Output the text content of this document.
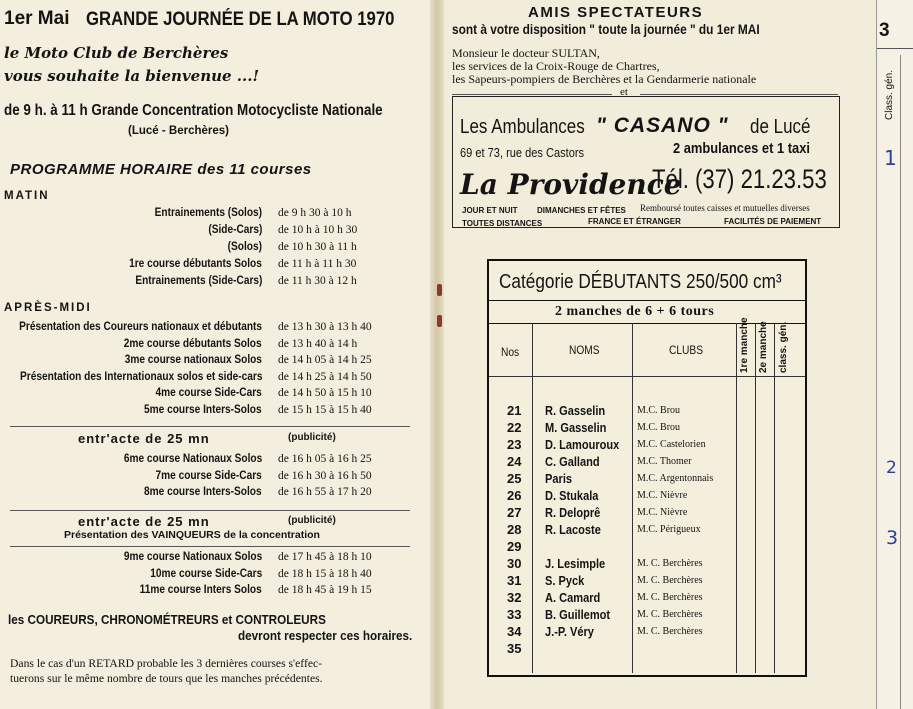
1er Mai GRANDE JOURNÉE DE LA MOTO 1970
le Moto Club de Berchères
vous souhaite la bienvenue ...!
de 9 h. à 11 h Grande Concentration Motocycliste Nationale
(Lucé - Berchères)
PROGRAMME HORAIRE des 11 courses
MATIN
Entrainements (Solos) de 9 h 30 à 10 h
(Side-Cars) de 10 h à 10 h 30
(Solos) de 10 h 30 à 11 h
1re course débutants Solos de 11 h à 11 h 30
Entrainements (Side-Cars) de 11 h 30 à 12 h
APRÈS-MIDI
Présentation des Coureurs nationaux et débutants de 13 h 30 à 13 h 40
2me course débutants Solos de 13 h 40 à 14 h
3me course nationaux Solos de 14 h 05 à 14 h 25
Présentation des Internationaux solos et side-cars de 14 h 25 à 14 h 50
4me course Side-Cars de 14 h 50 à 15 h 10
5me course Inters-Solos de 15 h 15 à 15 h 40
entr'acte de 25 mn	(publicité)
6me course Nationaux Solos de 16 h 05 à 16 h 25
7me course Side-Cars de 16 h 30 à 16 h 50
8me course Inters-Solos de 16 h 55 à 17 h 20
entr'acte de 25 mn	(publicité)
Présentation des VAINQUEURS de la concentration
9me course Nationaux Solos de 17 h 45 à 18 h 10
10me course Side-Cars de 18 h 15 à 18 h 40
11me course Inters Solos de 18 h 45 à 19 h 15
les COUREURS, CHRONOMÉTREURS et CONTROLEURS
devront respecter ces horaires.
Dans le cas d'un RETARD probable les 3 dernières courses s'effec-
tuerons sur le même nombre de tours que les manches précédentes.
AMIS SPECTATEURS
sont à votre disposition " toute la journée " du 1er MAI
Monsieur le docteur SULTAN,
les services de la Croix-Rouge de Chartres,
les Sapeurs-pompiers de Berchères et la Gendarmerie nationale
et
Les Ambulances " CASANO " de Lucé
69 et 73, rue des Castors	2 ambulances et 1 taxi
La Providence
Tél. (37) 21.23.53
JOUR ET NUIT DIMANCHES ET FÊTES Remboursé toutes caisses et mutuelles diverses
TOUTES DISTANCES	FRANCE ET ÉTRANGER	FACILITÉS DE PAIEMENT
Catégorie DÉBUTANTS 250/500 cm³
2 manches de 6 + 6 tours
Nos	NOMS	CLUBS	1re manche 2e manche class. gén.
21	R. Gasselin	M.C. Brou
22	M. Gasselin	M.C. Brou
23	D. Lamouroux M.C. Castelorien
24	C. Galland	M.C. Thomer
25	Paris	M.C. Argentonnais
26	D. Stukala	M.C. Nièvre
27	R. Deloprê	M.C. Nièvre
28	R. Lacoste	M.C. Périgueux
29
30	J. Lesimple	M. C. Berchères
31	S. Pyck	M. C. Berchères
32	A. Camard	M. C. Berchères
33	B. Guillemot	M. C. Berchères
34	J.-P. Véry	M. C. Berchères
35
3
Class. gén.
1
2
3
